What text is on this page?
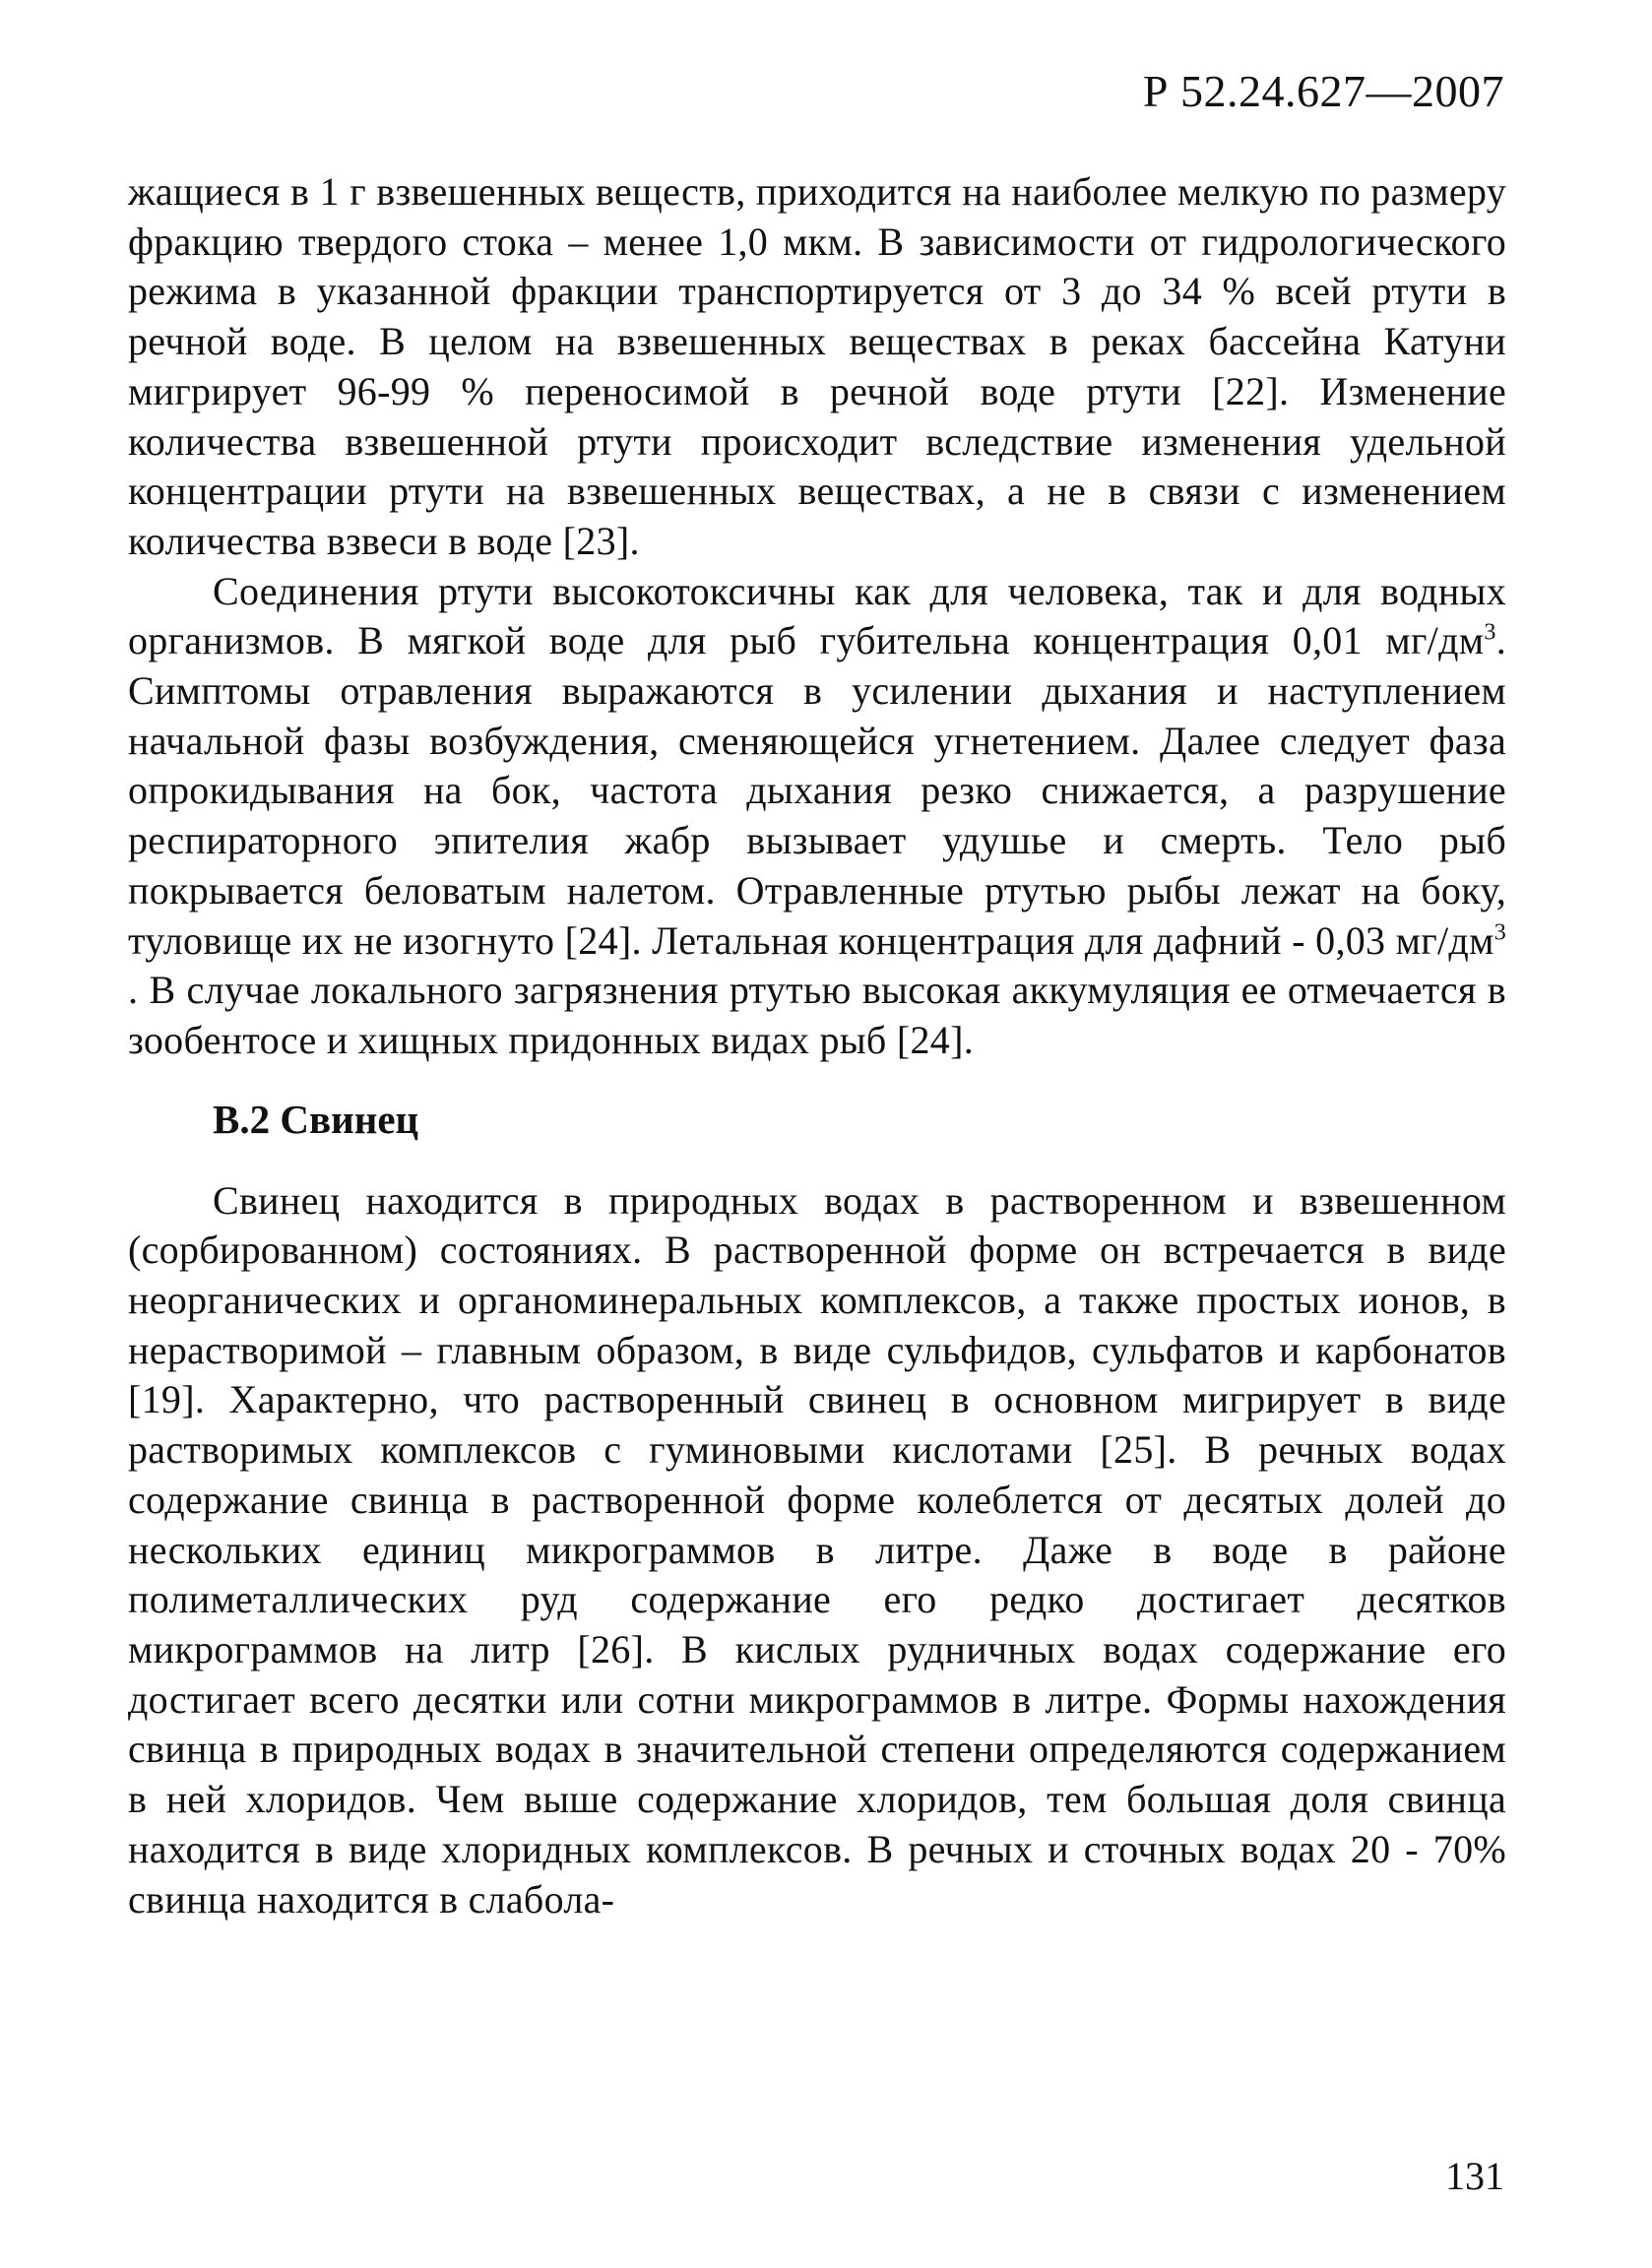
Р 52.24.627—2007

жащиеся в 1 г взвешенных веществ, приходится на наиболее мелкую по размеру фракцию твердого стока – менее 1,0 мкм. В зависимости от гидрологического режима в указанной фракции транспортируется от 3 до 34 % всей ртути в речной воде. В целом на взвешенных веществах в реках бассейна Катуни мигрирует 96-99 % переносимой в речной воде ртути [22]. Изменение количества взвешенной ртути происходит вследствие изменения удельной концентрации ртути на взвешенных веществах, а не в связи с изменением количества взвеси в воде [23].

Соединения ртути высокотоксичны как для человека, так и для водных организмов. В мягкой воде для рыб губительна концентрация 0,01 $мг/дм^3$. Симптомы отравления выражаются в усилении дыхания и наступлением начальной фазы возбуждения, сменяющейся угнетением. Далее следует фаза опрокидывания на бок, частота дыхания резко снижается, а разрушение респираторного эпителия жабр вызывает удушье и смерть. Тело рыб покрывается беловатым налетом. Отравленные ртутью рыбы лежат на боку, туловище их не изогнуто [24]. Летальная концентрация для дафний - 0,03 $мг/дм^3$ . В случае локального загрязнения ртутью высокая аккумуляция ее отмечается в зообентосе и хищных придонных видах рыб [24].

В.2 Свинец

Свинец находится в природных водах в растворенном и взвешенном (сорбированном) состояниях. В растворенной форме он встречается в виде неорганических и органоминеральных комплексов, а также простых ионов, в нерастворимой – главным образом, в виде сульфидов, сульфатов и карбонатов [19]. Характерно, что растворенный свинец в основном мигрирует в виде растворимых комплексов с гуминовыми кислотами [25]. В речных водах содержание свинца в растворенной форме колеблется от десятых долей до нескольких единиц микрограммов в литре. Даже в воде в районе полиметаллических руд содержание его редко достигает десятков микрограммов на литр [26]. В кислых рудничных водах содержание его достигает всего десятки или сотни микрограммов в литре. Формы нахождения свинца в природных водах в значительной степени определяются содержанием в ней хлоридов. Чем выше содержание хлоридов, тем большая доля свинца находится в виде хлоридных комплексов. В речных и сточных водах 20 - 70% свинца находится в слабола-

131
